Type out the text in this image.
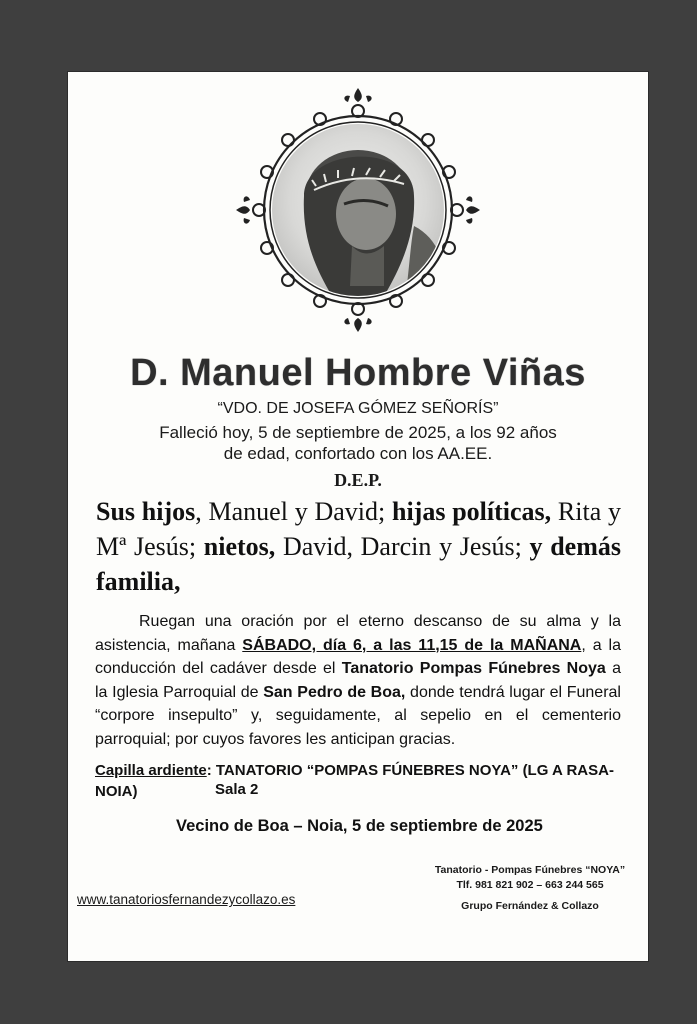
D. Manuel Hombre Viñas
“VDO. DE JOSEFA GÓMEZ SEÑORÍS”
Falleció hoy, 5 de septiembre de 2025, a los 92 años
de edad, confortado con los AA.EE.
D.E.P.
Sus hijos, Manuel y David; hijas políticas, Rita y Mª Jesús; nietos, David, Darcin y Jesús; y demás familia,

Ruegan una oración por el eterno descanso de su alma y la asistencia, mañana SÁBADO, día 6, a las 11,15 de la MAÑANA, a la conducción del cadáver desde el Tanatorio Pompas Fúnebres Noya a la Iglesia Parroquial de San Pedro de Boa, donde tendrá lugar el Funeral “corpore insepulto” y, seguidamente, al sepelio en el cementerio parroquial; por cuyos favores les anticipan gracias.

Capilla ardiente: TANATORIO “POMPAS FÚNEBRES NOYA” (LG A RASA-NOIA)	Sala 2
Vecino de Boa – Noia, 5 de septiembre de 2025
Tanatorio - Pompas Fúnebres “NOYA”
Tlf. 981 821 902 – 663 244 565
Grupo Fernández & Collazo
www.tanatoriosfernandezycollazo.es
